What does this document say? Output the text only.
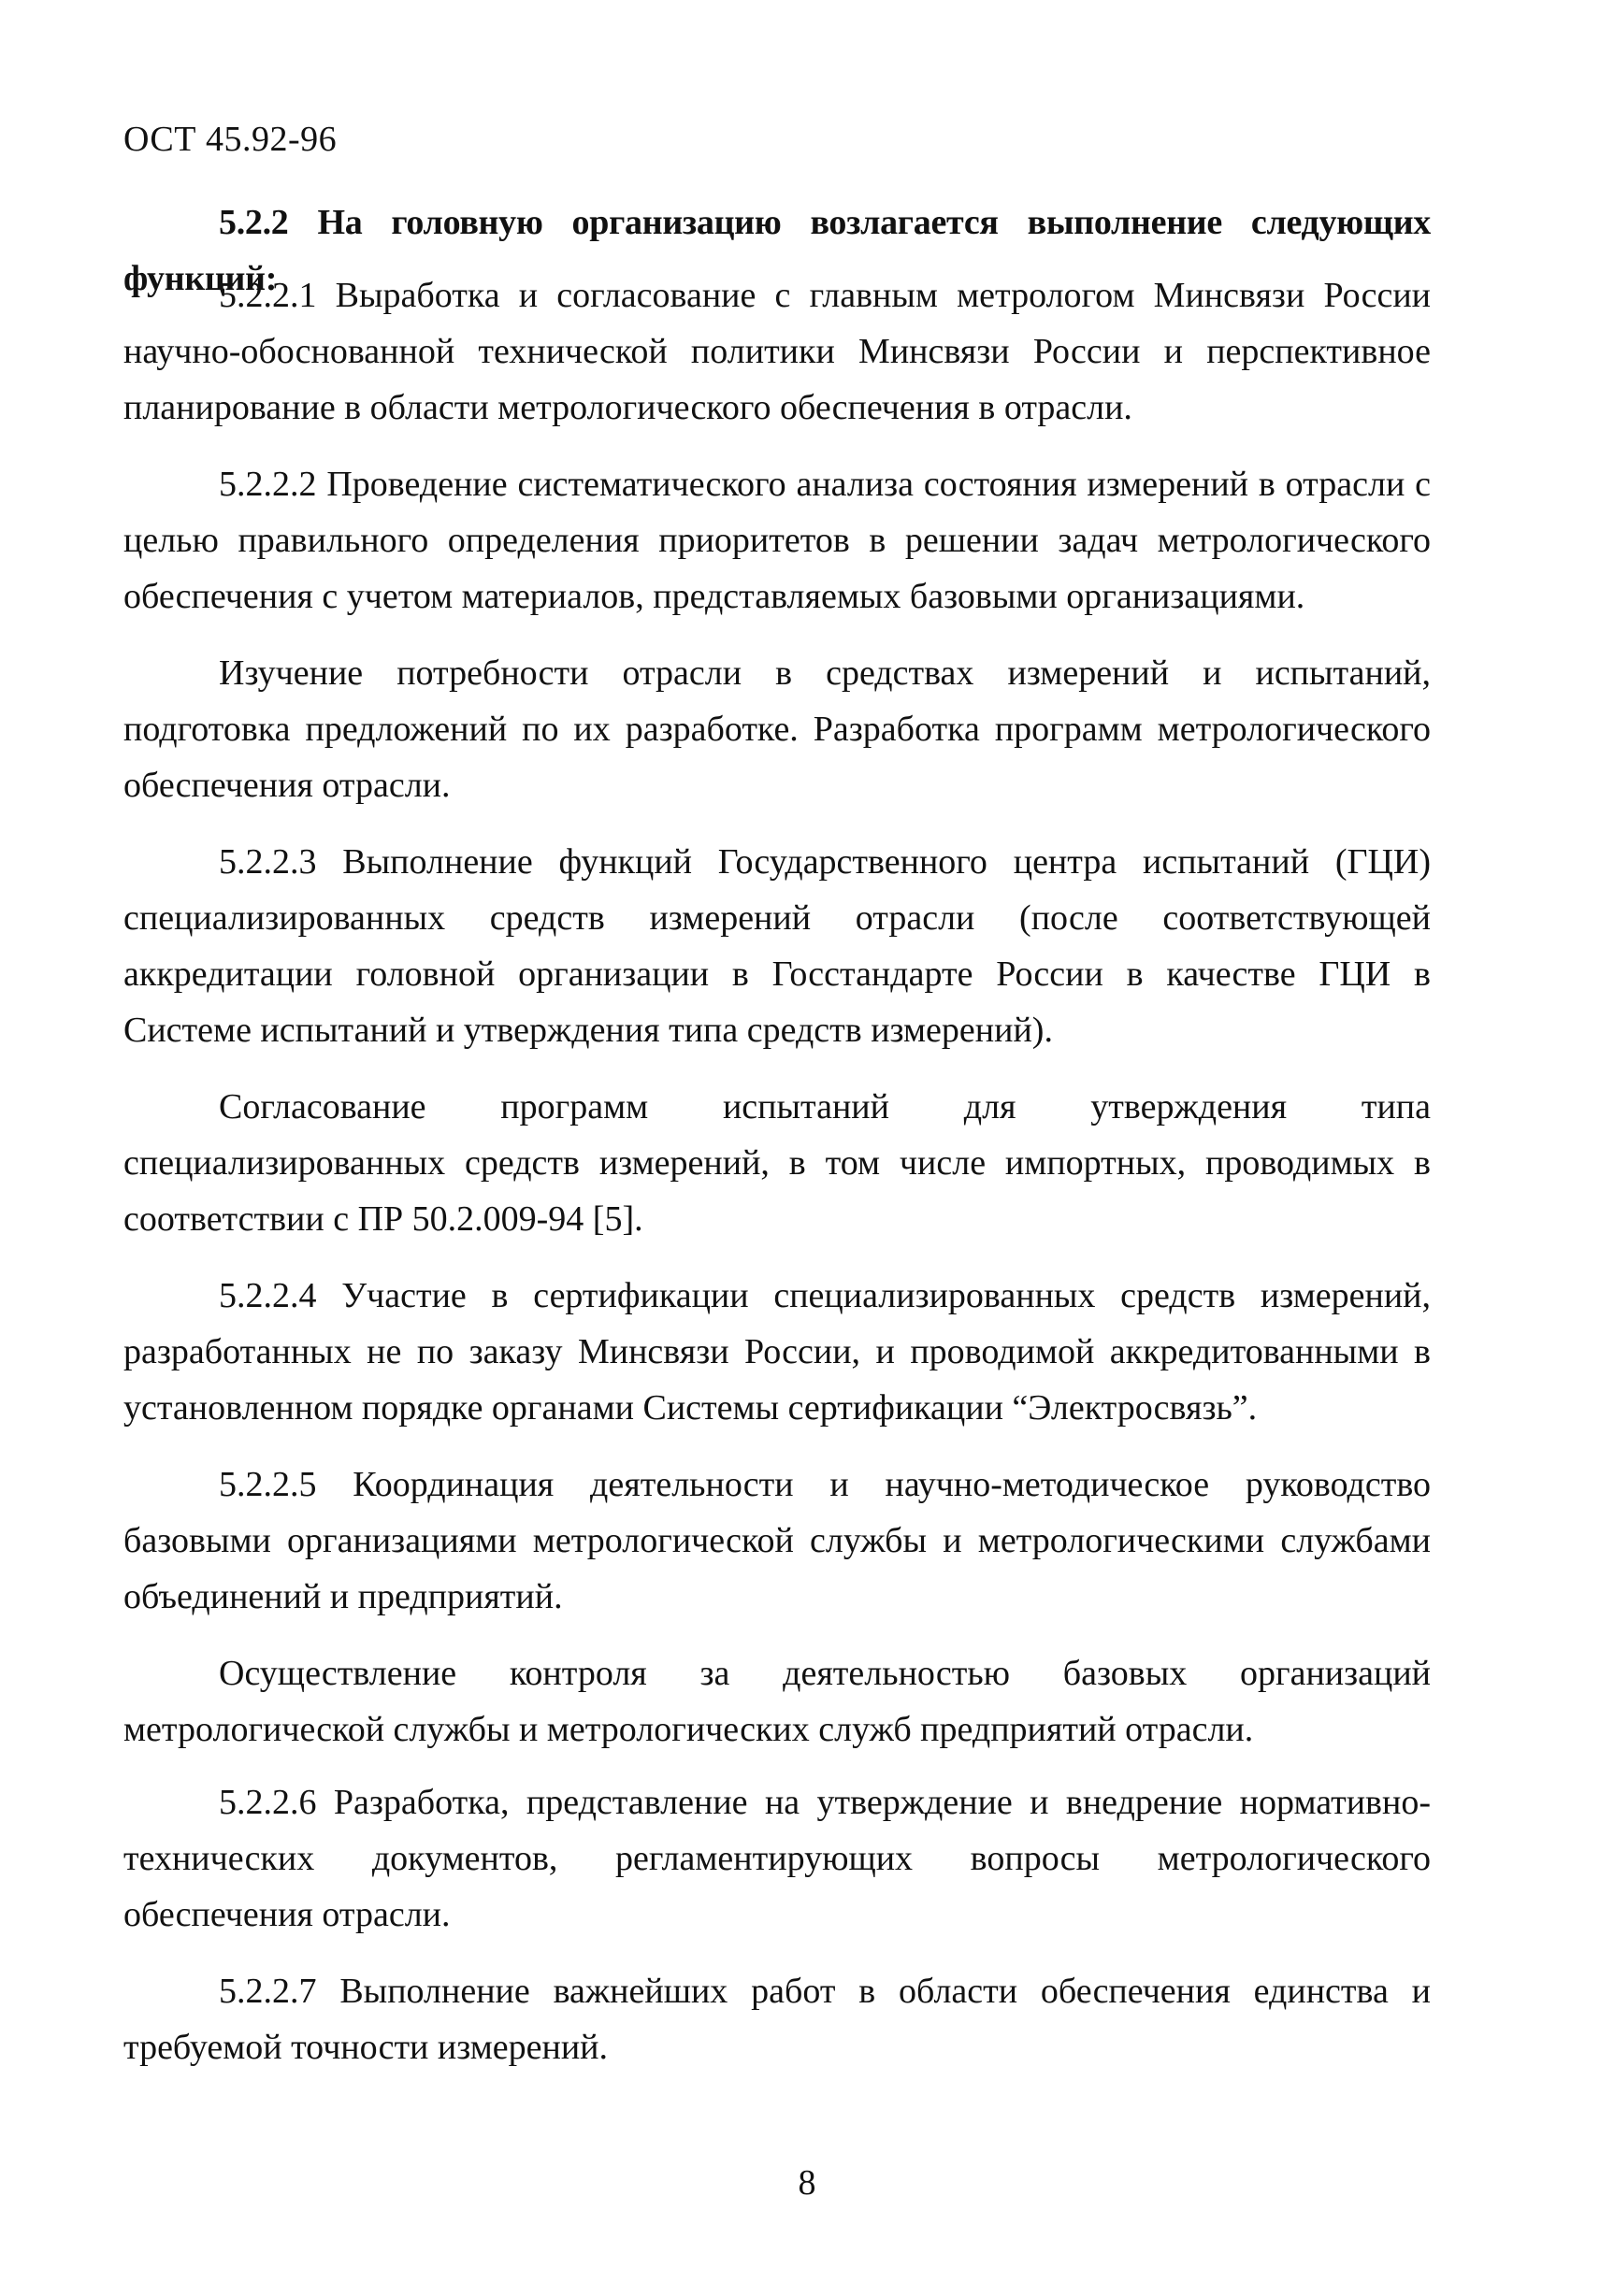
ОСТ 45.92-96

5.2.2 На головную организацию возлагается выполнение следующих функций:

5.2.2.1 Выработка и согласование с главным метрологом Минсвязи России научно-обоснованной технической политики Минсвязи России и перспективное планирование в области метрологического обеспечения в отрасли.

5.2.2.2 Проведение систематического анализа состояния измерений в отрасли с целью правильного определения приоритетов в решении задач метрологического обеспечения с учетом материалов, представляемых базовыми организациями.

Изучение потребности отрасли в средствах измерений и испытаний, подготовка предложений по их разработке. Разработка программ метрологического обеспечения отрасли.

5.2.2.3 Выполнение функций Государственного центра испытаний (ГЦИ) специализированных средств измерений отрасли (после соответствующей аккредитации головной организации в Госстандарте России в качестве ГЦИ в Системе испытаний и утверждения типа средств измерений).

Согласование программ испытаний для утверждения типа специализированных средств измерений, в том числе импортных, проводимых в соответствии с ПР 50.2.009-94 [5].

5.2.2.4 Участие в сертификации специализированных средств измерений, разработанных не по заказу Минсвязи России, и проводимой аккредитованными в установленном порядке органами Системы сертификации “Электросвязь”.

5.2.2.5 Координация деятельности и научно-методическое руководство базовыми организациями метрологической службы и метрологическими службами объединений и предприятий.

Осуществление контроля за деятельностью базовых организаций метрологической службы и метрологических служб предприятий отрасли.

5.2.2.6 Разработка, представление на утверждение и внедрение нормативно-технических документов, регламентирующих вопросы метрологического обеспечения отрасли.

5.2.2.7 Выполнение важнейших работ в области обеспечения единства и требуемой точности измерений.

8
